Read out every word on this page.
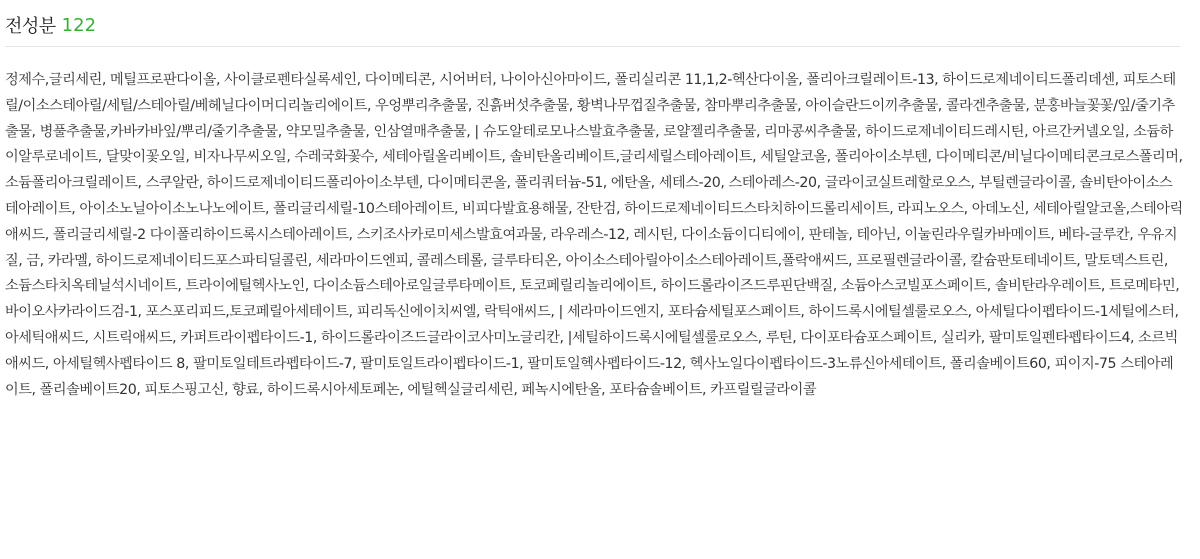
전성분 122
정제수,글리세린, 메틸프로판다이올, 사이클로펜타실록세인, 다이메티콘, 시어버터, 나이아신아마이드, 폴리실리콘 11,1,2-헥산다이올, 폴리아크릴레이트-13, 하이드로제네이티드폴리데센, 피토스테릴/이소스테아릴/세틸/스테아릴/베헤닐다이머디리놀리에이트, 우엉뿌리추출물, 진흙버섯추출물, 황벽나무껍질추출물, 참마뿌리추출물, 아이슬란드이끼추출물, 콜라겐추출물, 분홍바늘꽃꽃/잎/줄기추출물, 병풀추출물,카바카바잎/뿌리/줄기추출물, 약모밀추출물, 인삼열매추출물, | 슈도알테로모나스발효추출물, 로얄젤리추출물, 리마콩씨추출물, 하이드로제네이티드레시틴, 아르간커넬오일, 소듐하이알루로네이트, 달맞이꽃오일, 비자나무씨오일, 수레국화꽃수, 세테아릴올리베이트, 솔비탄올리베이트,글리세릴스테아레이트, 세틸알코올, 폴리아이소부텐, 다이메티콘/비닐다이메티콘크로스폴리머,소듐폴리아크릴레이트, 스쿠알란, 하이드로제네이티드폴리아이소부텐, 다이메티콘올, 폴리쿼터늄-51, 에탄올, 세테스-20, 스테아레스-20, 글라이코실트레할로오스, 부틸렌글라이콜, 솔비탄아이소스테아레이트, 아이소노닐아이소노나노에이트, 폴리글리세릴-10스테아레이트, 비피다발효용해물, 잔탄검, 하이드로제네이티드스타치하이드롤리세이트, 라피노오스, 아데노신, 세테아릴알코올,스테아릭애씨드, 폴리글리세릴-2 다이폴리하이드록시스테아레이트, 스키조사카로미세스발효여과물, 라우레스-12, 레시틴, 다이소듐이디티에이, 판테놀, 테아닌, 이눌린라우릴카바메이트, 베타-글루칸, 우유지질, 금, 카라멜, 하이드로제네이티드포스파티딜콜린, 세라마이드엔피, 콜레스테롤, 글루타티온, 아이소스테아릴아이소스테아레이트,폴락애씨드, 프로필렌글라이콜, 칼슘판토테네이트, 말토덱스트린, 소듐스타치옥테닐석시네이트, 트라이에틸헥사노인, 다이소듐스테아로일글루타메이트, 토코페릴리놀리에이트, 하이드롤라이즈드루핀단백질, 소듐아스코빌포스페이트, 솔비탄라우레이트, 트로메타민, 바이오사카라이드검-1, 포스포리피드,토코페릴아세테이트, 피리독신에이치씨엘, 락틱애씨드, | 세라마이드엔지, 포타슘세틸포스페이트, 하이드록시에틸셀룰로오스, 아세틸다이펩타이드-1세틸에스터,아세틱애씨드, 시트릭애씨드, 카퍼트라이펩타이드-1, 하이드롤라이즈드글라이코사미노글리칸, |세틸하이드록시에틸셀룰로오스, 루틴, 다이포타슘포스페이트, 실리카, 팔미토일펜타펩타이드4, 소르빅애씨드, 아세틸헥사펩타이드 8, 팔미토일테트라펩타이드-7, 팔미토일트라이펩타이드-1, 팔미토일헥사펩타이드-12, 헥사노일다이펩타이드-3노류신아세테이트, 폴리솔베이트60, 피이지-75 스테아레이트, 폴리솔베이트20, 피토스핑고신, 향료, 하이드록시아세토페논, 에틸헥실글리세린, 페녹시에탄올, 포타슘솔베이트, 카프릴릴글라이콜
